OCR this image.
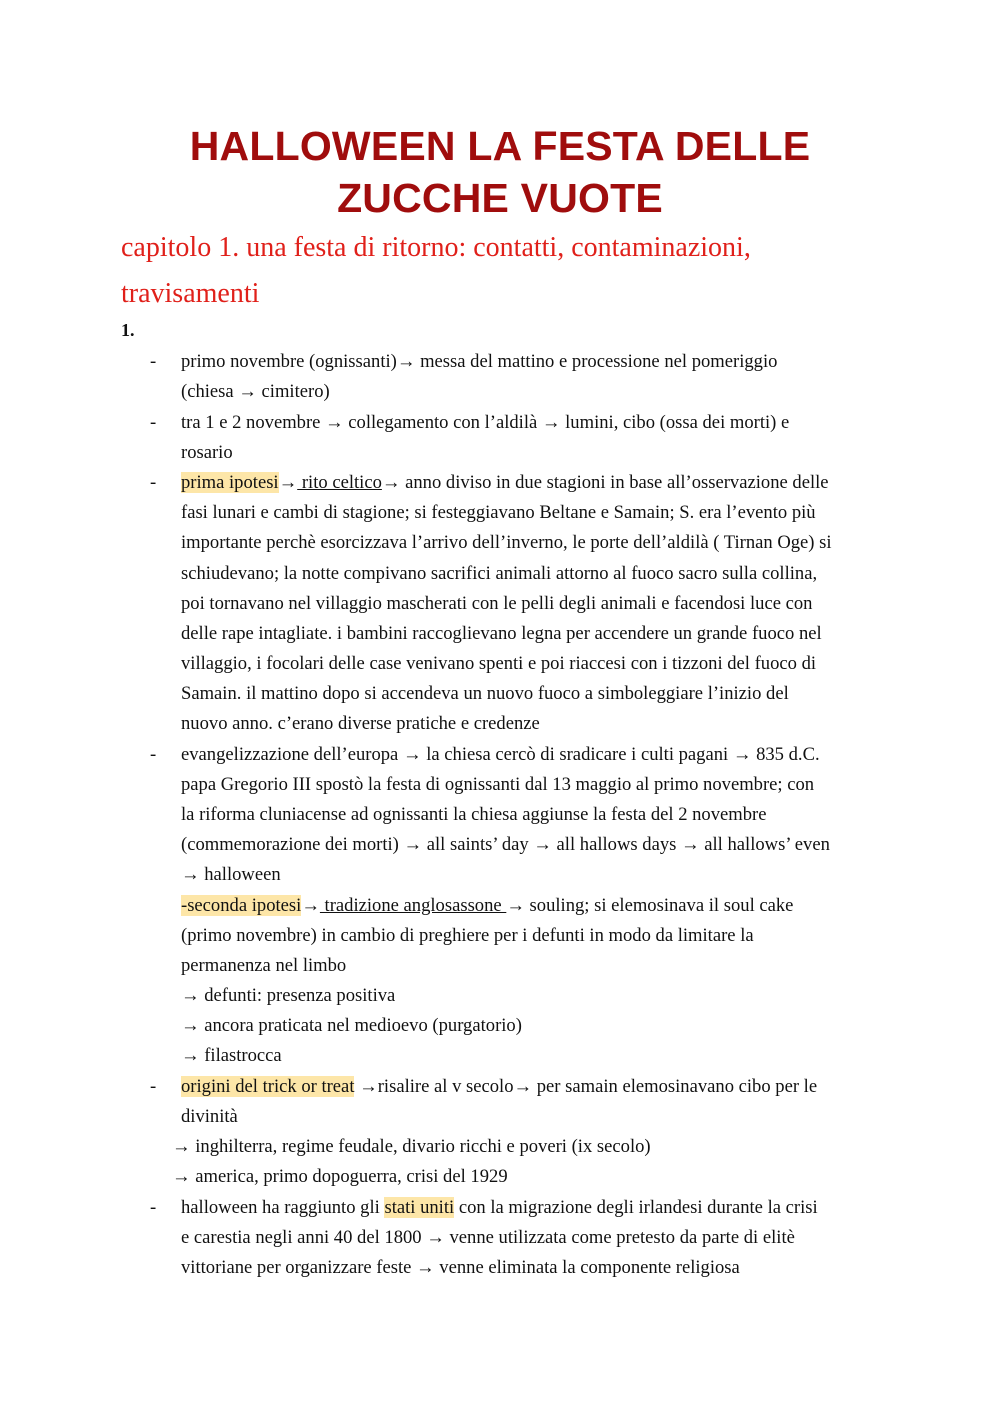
HALLOWEEN LA FESTA DELLE
ZUCCHE VUOTE
capitolo 1. una festa di ritorno: contatti, contaminazioni,
travisamenti
1.
- primo novembre (ognissanti)→ messa del mattino e processione nel pomeriggio
(chiesa → cimitero)
- tra 1 e 2 novembre → collegamento con l’aldilà → lumini, cibo (ossa dei morti) e
rosario
- prima ipotesi→ rito celtico→ anno diviso in due stagioni in base all’osservazione delle
fasi lunari e cambi di stagione; si festeggiavano Beltane e Samain; S. era l’evento più
importante perchè esorcizzava l’arrivo dell’inverno, le porte dell’aldilà ( Tirnan Oge) si
schiudevano; la notte compivano sacrifici animali attorno al fuoco sacro sulla collina,
poi tornavano nel villaggio mascherati con le pelli degli animali e facendosi luce con
delle rape intagliate. i bambini raccoglievano legna per accendere un grande fuoco nel
villaggio, i focolari delle case venivano spenti e poi riaccesi con i tizzoni del fuoco di
Samain. il mattino dopo si accendeva un nuovo fuoco a simboleggiare l’inizio del
nuovo anno. c’erano diverse pratiche e credenze
- evangelizzazione dell’europa → la chiesa cercò di sradicare i culti pagani → 835 d.C.
papa Gregorio III spostò la festa di ognissanti dal 13 maggio al primo novembre; con
la riforma cluniacense ad ognissanti la chiesa aggiunse la festa del 2 novembre
(commemorazione dei morti) → all saints’ day → all hallows days → all hallows’ even
→ halloween
-seconda ipotesi→ tradizione anglosassone → souling; si elemosinava il soul cake
(primo novembre) in cambio di preghiere per i defunti in modo da limitare la
permanenza nel limbo
→ defunti: presenza positiva
→ ancora praticata nel medioevo (purgatorio)
→ filastrocca
- origini del trick or treat →risalire al v secolo→ per samain elemosinavano cibo per le
divinità
→ inghilterra, regime feudale, divario ricchi e poveri (ix secolo)
→ america, primo dopoguerra, crisi del 1929
- halloween ha raggiunto gli stati uniti con la migrazione degli irlandesi durante la crisi
e carestia negli anni 40 del 1800 → venne utilizzata come pretesto da parte di elitè
vittoriane per organizzare feste → venne eliminata la componente religiosa
